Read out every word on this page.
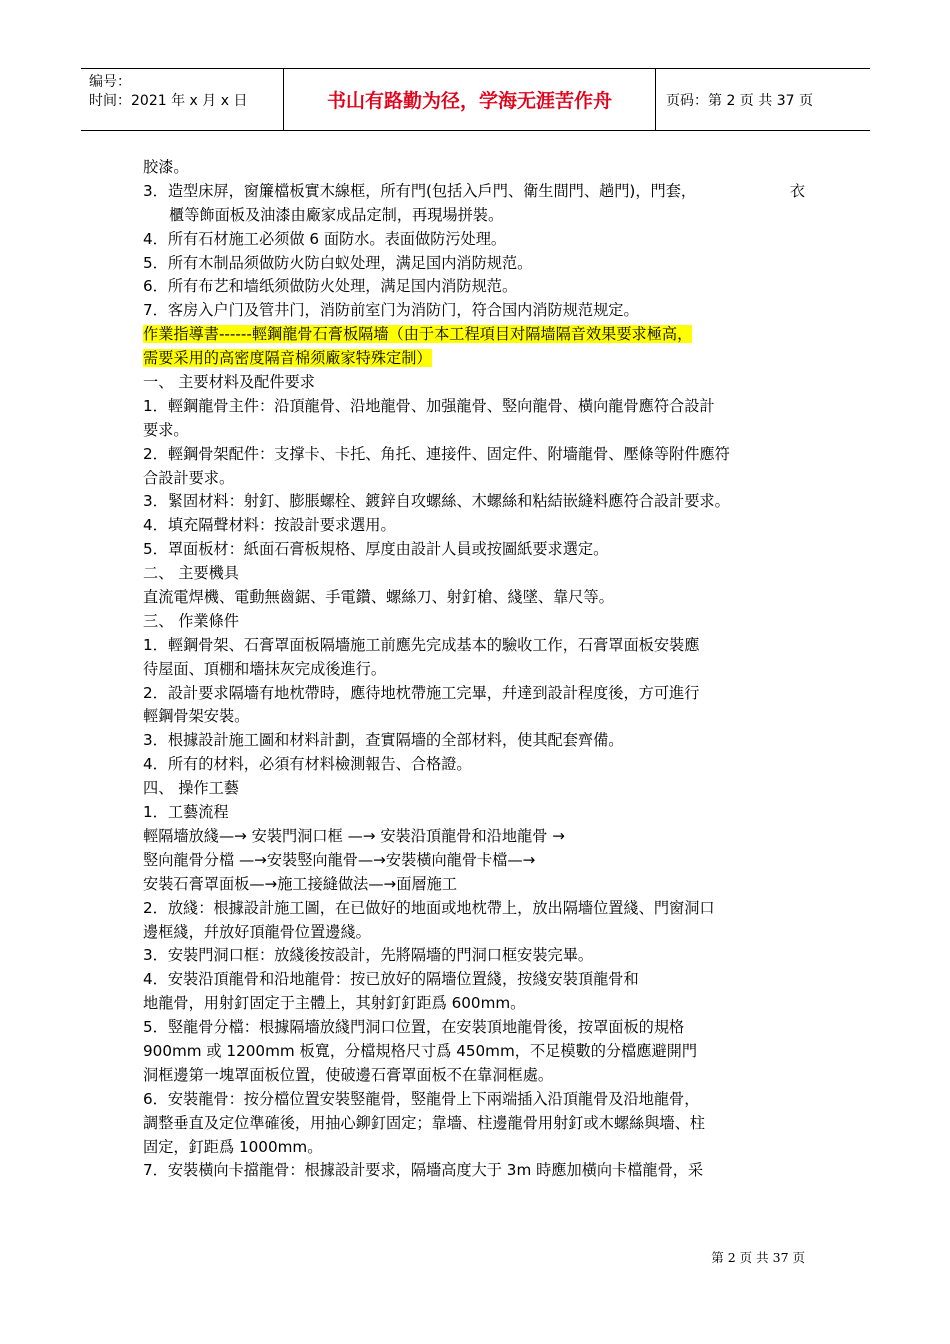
编号：
时间：2021 年 x 月 x 日	书山有路勤为径，学海无涯苦作舟	页码：第 2 页 共 37 页
胶漆。
3．造型床屏，窗簾檔板實木線框，所有門(包括入戶門、衛生間門、趟門)，門套，	衣
櫃等飾面板及油漆由廠家成品定制，再現場拼裝。
4．所有石材施工必须做 6 面防水。表面做防污处理。
5．所有木制品须做防火防白蚁处理，满足国内消防规范。
6．所有布艺和墙纸须做防火处理，满足国内消防规范。
7．客房入户门及管井门，消防前室门为消防门，符合国内消防规范规定。
作業指導書------輕鋼龍骨石膏板隔墻（由于本工程項目对隔墙隔音效果要求極高，
需要采用的高密度隔音棉须廠家特殊定制）
一、 主要材料及配件要求
1．輕鋼龍骨主件：沿頂龍骨、沿地龍骨、加强龍骨、竪向龍骨、橫向龍骨應符合設計
要求。
2．輕鋼骨架配件：支撑卡、卡托、角托、連接件、固定件、附墻龍骨、壓條等附件應符
合設計要求。
3．緊固材料：射釘、膨脹螺栓、鍍鋅自攻螺絲、木螺絲和粘結嵌縫料應符合設計要求。
4．填充隔聲材料：按設計要求選用。
5．罩面板材：紙面石膏板規格、厚度由設計人員或按圖紙要求選定。
二、 主要機具
直流電焊機、電動無齒鋸、手電鑽、螺絲刀、射釘槍、綫墜、靠尺等。
三、 作業條件
1．輕鋼骨架、石膏罩面板隔墻施工前應先完成基本的驗收工作，石膏罩面板安裝應
待屋面、頂棚和墻抹灰完成後進行。
2．設計要求隔墻有地枕帶時，應待地枕帶施工完畢，幷達到設計程度後，方可進行
輕鋼骨架安裝。
3．根據設計施工圖和材料計劃，查實隔墻的全部材料，使其配套齊備。
4．所有的材料，必須有材料檢測報告、合格證。
四、 操作工藝
1．工藝流程
輕隔墻放綫—→ 安裝門洞口框 —→ 安裝沿頂龍骨和沿地龍骨 →
竪向龍骨分檔 —→安裝竪向龍骨—→安裝橫向龍骨卡檔—→
安裝石膏罩面板—→施工接縫做法—→面層施工
2．放綫：根據設計施工圖，在已做好的地面或地枕帶上，放出隔墻位置綫、門窗洞口
邊框綫，幷放好頂龍骨位置邊綫。
3．安裝門洞口框：放綫後按設計，先將隔墻的門洞口框安裝完畢。
4．安裝沿頂龍骨和沿地龍骨：按已放好的隔墻位置綫，按綫安裝頂龍骨和
地龍骨，用射釘固定于主體上，其射釘釘距爲 600mm。
5．竪龍骨分檔：根據隔墻放綫門洞口位置，在安裝頂地龍骨後，按罩面板的規格
900mm 或 1200mm 板寬，分檔規格尺寸爲 450mm，不足模數的分檔應避開門
洞框邊第一塊罩面板位置，使破邊石膏罩面板不在靠洞框處。
6．安裝龍骨：按分檔位置安裝竪龍骨，竪龍骨上下兩端插入沿頂龍骨及沿地龍骨，
調整垂直及定位準確後，用抽心鉚釘固定；靠墻、柱邊龍骨用射釘或木螺絲與墻、柱
固定，釘距爲 1000mm。
7．安裝橫向卡擋龍骨：根據設計要求，隔墻高度大于 3m 時應加橫向卡檔龍骨，采
第 2 页 共 37 页
